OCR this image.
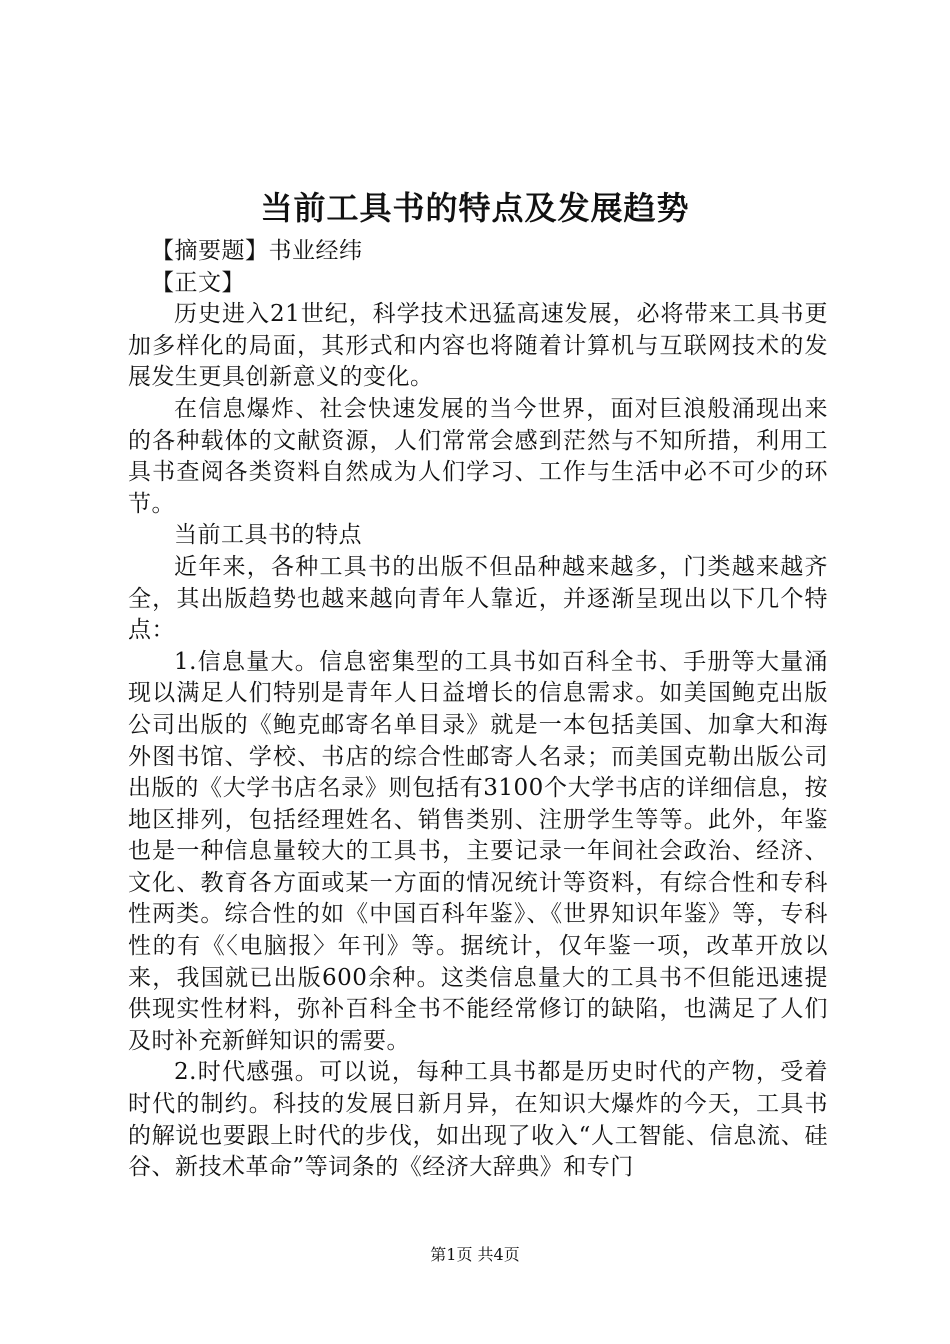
当前工具书的特点及发展趋势

【摘要题】书业经纬

【正文】

历史进入21世纪，科学技术迅猛高速发展，必将带来工具书更加多样化的局面，其形式和内容也将随着计算机与互联网技术的发展发生更具创新意义的变化。

在信息爆炸、社会快速发展的当今世界，面对巨浪般涌现出来的各种载体的文献资源，人们常常会感到茫然与不知所措，利用工具书查阅各类资料自然成为人们学习、工作与生活中必不可少的环节。

当前工具书的特点

近年来，各种工具书的出版不但品种越来越多，门类越来越齐全，其出版趋势也越来越向青年人靠近，并逐渐呈现出以下几个特点：

1.信息量大。信息密集型的工具书如百科全书、手册等大量涌现以满足人们特别是青年人日益增长的信息需求。如美国鲍克出版公司出版的《鲍克邮寄名单目录》就是一本包括美国、加拿大和海外图书馆、学校、书店的综合性邮寄人名录；而美国克勒出版公司出版的《大学书店名录》则包括有3100个大学书店的详细信息，按地区排列，包括经理姓名、销售类别、注册学生等等。此外，年鉴也是一种信息量较大的工具书，主要记录一年间社会政治、经济、文化、教育各方面或某一方面的情况统计等资料，有综合性和专科性两类。综合性的如《中国百科年鉴》、《世界知识年鉴》等，专科性的有《〈电脑报〉年刊》等。据统计，仅年鉴一项，改革开放以来，我国就已出版600余种。这类信息量大的工具书不但能迅速提供现实性材料，弥补百科全书不能经常修订的缺陷，也满足了人们及时补充新鲜知识的需要。

2.时代感强。可以说，每种工具书都是历史时代的产物，受着时代的制约。科技的发展日新月异，在知识大爆炸的今天，工具书的解说也要跟上时代的步伐，如出现了收入“人工智能、信息流、硅谷、新技术革命”等词条的《经济大辞典》和专门

第1页 共4页
